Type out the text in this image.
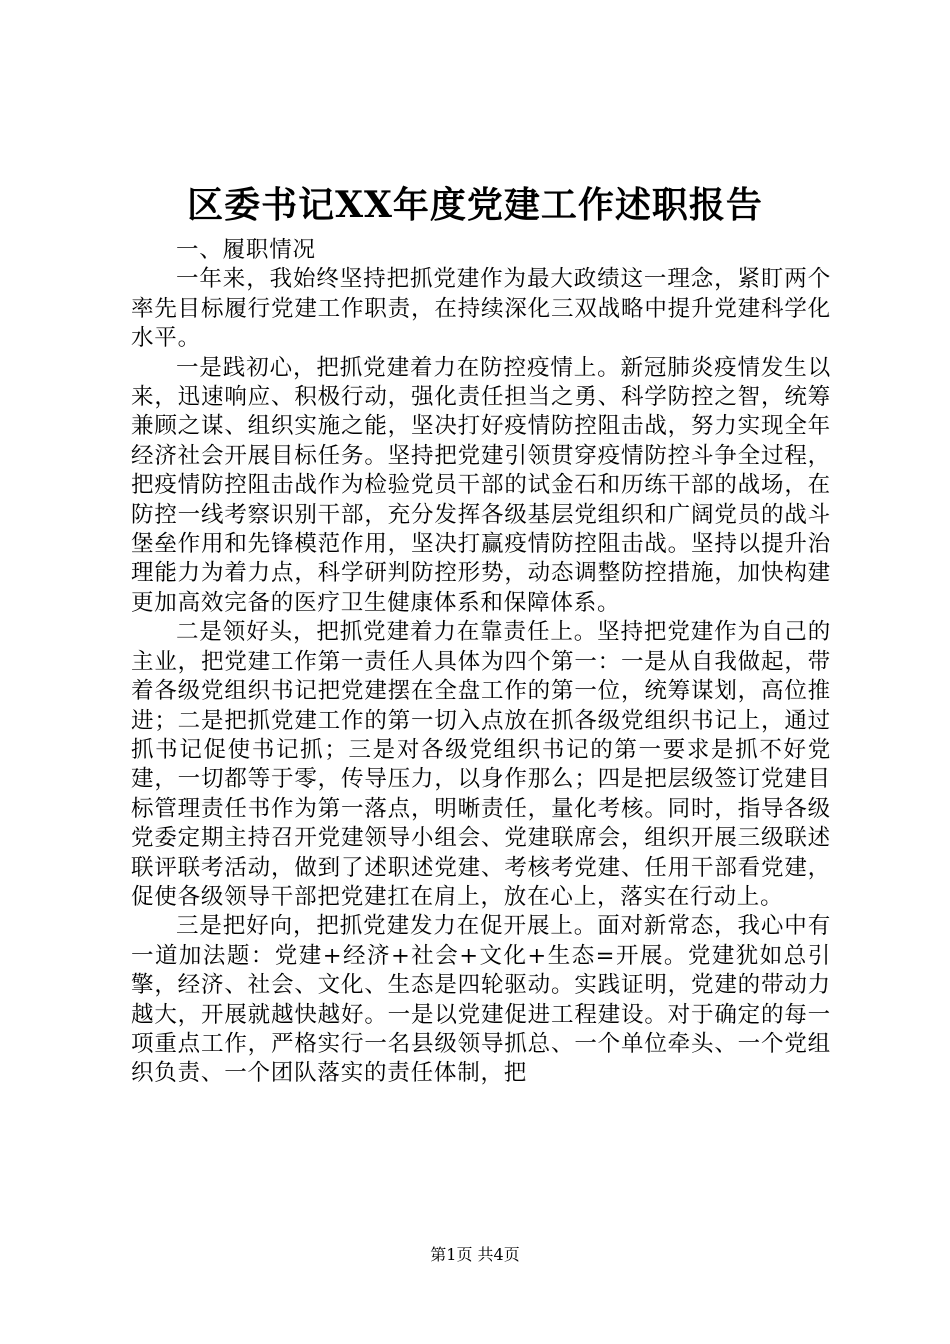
区委书记XX年度党建工作述职报告

一、履职情况

一年来，我始终坚持把抓党建作为最大政绩这一理念，紧盯两个率先目标履行党建工作职责，在持续深化三双战略中提升党建科学化水平。

一是践初心，把抓党建着力在防控疫情上。新冠肺炎疫情发生以来，迅速响应、积极行动，强化责任担当之勇、科学防控之智，统筹兼顾之谋、组织实施之能，坚决打好疫情防控阻击战，努力实现全年经济社会开展目标任务。坚持把党建引领贯穿疫情防控斗争全过程，把疫情防控阻击战作为检验党员干部的试金石和历练干部的战场，在防控一线考察识别干部，充分发挥各级基层党组织和广阔党员的战斗堡垒作用和先锋模范作用，坚决打赢疫情防控阻击战。坚持以提升治理能力为着力点，科学研判防控形势，动态调整防控措施，加快构建更加高效完备的医疗卫生健康体系和保障体系。

二是领好头，把抓党建着力在靠责任上。坚持把党建作为自己的主业，把党建工作第一责任人具体为四个第一：一是从自我做起，带着各级党组织书记把党建摆在全盘工作的第一位，统筹谋划，高位推进；二是把抓党建工作的第一切入点放在抓各级党组织书记上，通过抓书记促使书记抓；三是对各级党组织书记的第一要求是抓不好党建，一切都等于零，传导压力，以身作那么；四是把层级签订党建目标管理责任书作为第一落点，明晰责任，量化考核。同时，指导各级党委定期主持召开党建领导小组会、党建联席会，组织开展三级联述联评联考活动，做到了述职述党建、考核考党建、任用干部看党建，促使各级领导干部把党建扛在肩上，放在心上，落实在行动上。

三是把好向，把抓党建发力在促开展上。面对新常态，我心中有一道加法题：党建+经济+社会+文化+生态=开展。党建犹如总引擎，经济、社会、文化、生态是四轮驱动。实践证明，党建的带动力越大，开展就越快越好。一是以党建促进工程建设。对于确定的每一项重点工作，严格实行一名县级领导抓总、一个单位牵头、一个党组织负责、一个团队落实的责任体制，把

第1页 共4页
